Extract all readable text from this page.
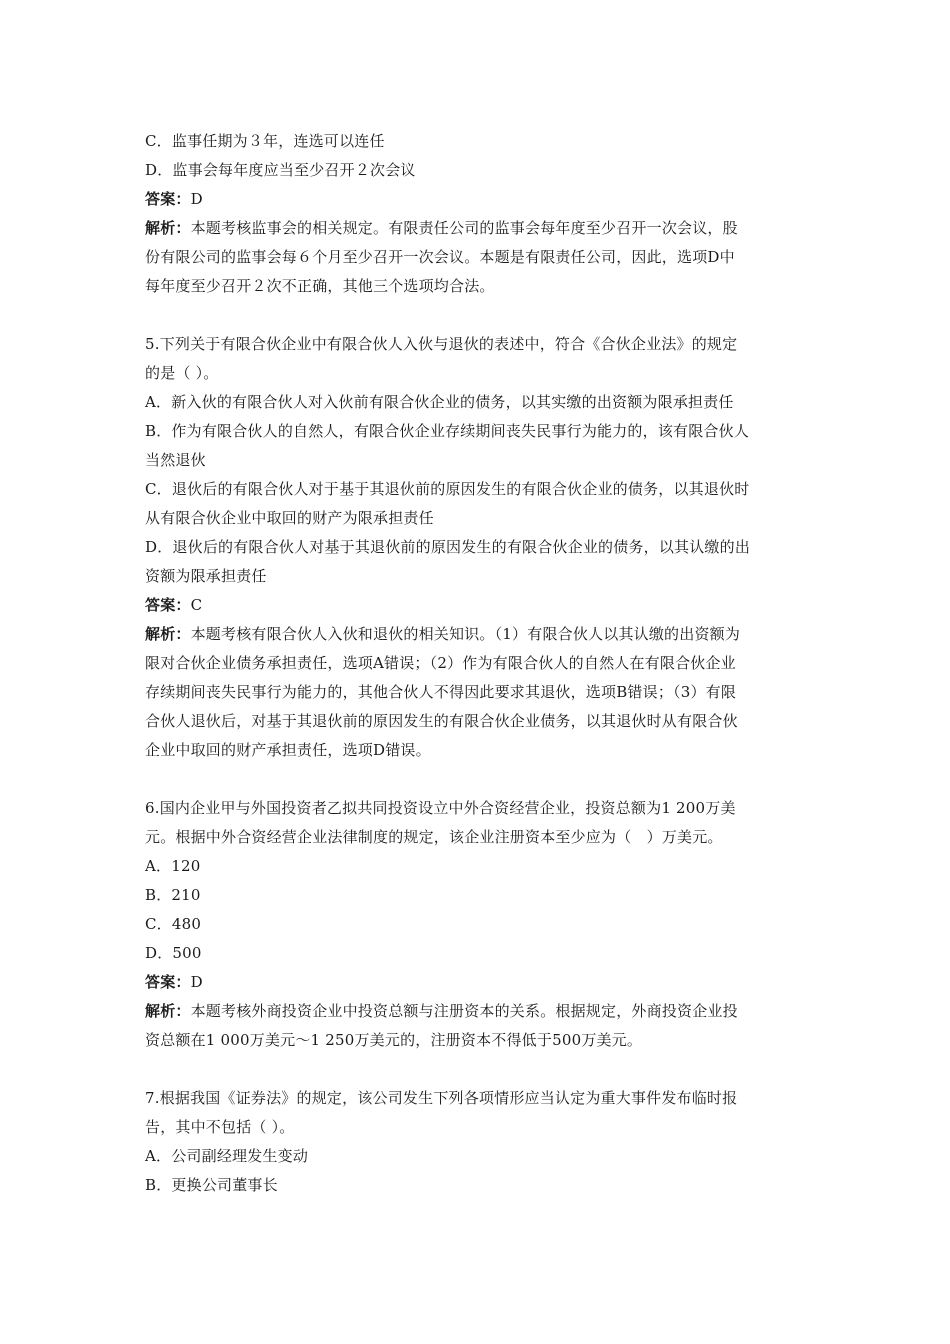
C．监事任期为３年，连选可以连任
D．监事会每年度应当至少召开２次会议
答案：D
解析：本题考核监事会的相关规定。有限责任公司的监事会每年度至少召开一次会议，股
份有限公司的监事会每６个月至少召开一次会议。本题是有限责任公司，因此，选项D中
每年度至少召开２次不正确，其他三个选项均合法。
5.下列关于有限合伙企业中有限合伙人入伙与退伙的表述中，符合《合伙企业法》的规定
的是（ ）。
A．新入伙的有限合伙人对入伙前有限合伙企业的债务，以其实缴的出资额为限承担责任
B．作为有限合伙人的自然人，有限合伙企业存续期间丧失民事行为能力的，该有限合伙人
当然退伙
C．退伙后的有限合伙人对于基于其退伙前的原因发生的有限合伙企业的债务，以其退伙时
从有限合伙企业中取回的财产为限承担责任
D．退伙后的有限合伙人对基于其退伙前的原因发生的有限合伙企业的债务，以其认缴的出
资额为限承担责任
答案：C
解析：本题考核有限合伙人入伙和退伙的相关知识。（1）有限合伙人以其认缴的出资额为
限对合伙企业债务承担责任，选项A错误；（2）作为有限合伙人的自然人在有限合伙企业
存续期间丧失民事行为能力的，其他合伙人不得因此要求其退伙，选项B错误；（3）有限
合伙人退伙后，对基于其退伙前的原因发生的有限合伙企业债务，以其退伙时从有限合伙
企业中取回的财产承担责任，选项D错误。
6.国内企业甲与外国投资者乙拟共同投资设立中外合资经营企业，投资总额为1 200万美
元。根据中外合资经营企业法律制度的规定，该企业注册资本至少应为（　）万美元。
A．120
B．210
C．480
D．500
答案：D
解析：本题考核外商投资企业中投资总额与注册资本的关系。根据规定，外商投资企业投
资总额在1 000万美元～1 250万美元的，注册资本不得低于500万美元。
7.根据我国《证券法》的规定，该公司发生下列各项情形应当认定为重大事件发布临时报
告，其中不包括（ ）。
A．公司副经理发生变动
B．更换公司董事长
